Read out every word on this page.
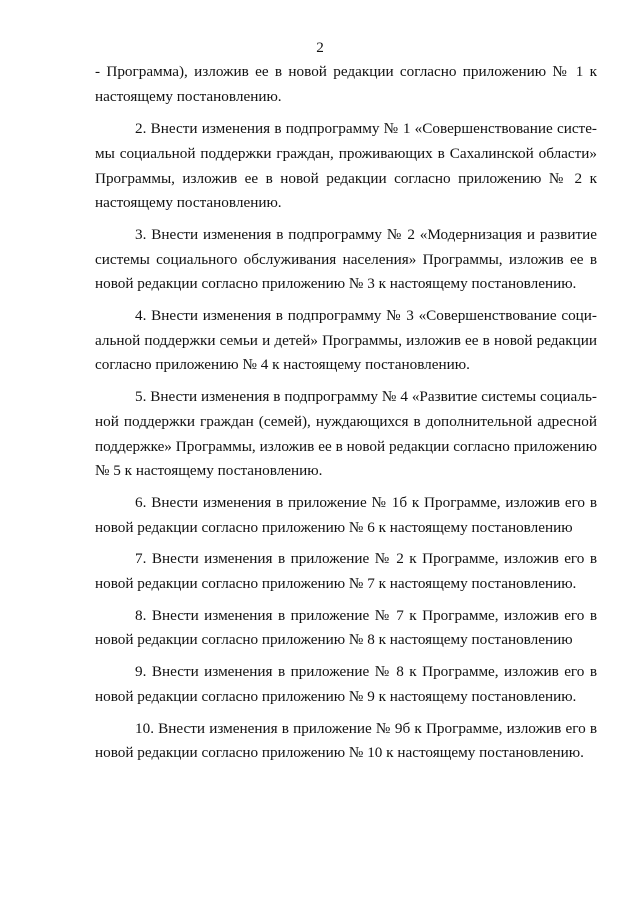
2
- Программа), изложив ее в новой редакции согласно приложению № 1 к
настоящему постановлению.
2. Внести изменения в подпрограмму № 1 «Совершенствование систе-
мы социальной поддержки граждан, проживающих в Сахалинской области»
Программы, изложив ее в новой редакции согласно приложению № 2 к
настоящему постановлению.
3. Внести изменения в подпрограмму № 2 «Модернизация и развитие
системы социального обслуживания населения» Программы, изложив ее в
новой редакции согласно приложению № 3 к настоящему постановлению.
4. Внести изменения в подпрограмму № 3 «Совершенствование соци-
альной поддержки семьи и детей» Программы, изложив ее в новой редакции
согласно приложению № 4 к настоящему постановлению.
5. Внести изменения в подпрограмму № 4 «Развитие системы социаль-
ной поддержки граждан (семей), нуждающихся в дополнительной адресной
поддержке» Программы, изложив ее в новой редакции согласно приложению
№ 5 к настоящему постановлению.
6. Внести изменения в приложение № 1б к Программе, изложив его в
новой редакции согласно приложению № 6 к настоящему постановлению
7. Внести изменения в приложение № 2 к Программе, изложив его в
новой редакции согласно приложению № 7 к настоящему постановлению.
8. Внести изменения в приложение № 7 к Программе, изложив его в
новой редакции согласно приложению № 8 к настоящему постановлению
9. Внести изменения в приложение № 8 к Программе, изложив его в
новой редакции согласно приложению № 9 к настоящему постановлению.
10. Внести изменения в приложение № 9б к Программе, изложив его в
новой редакции согласно приложению № 10 к настоящему постановлению.
